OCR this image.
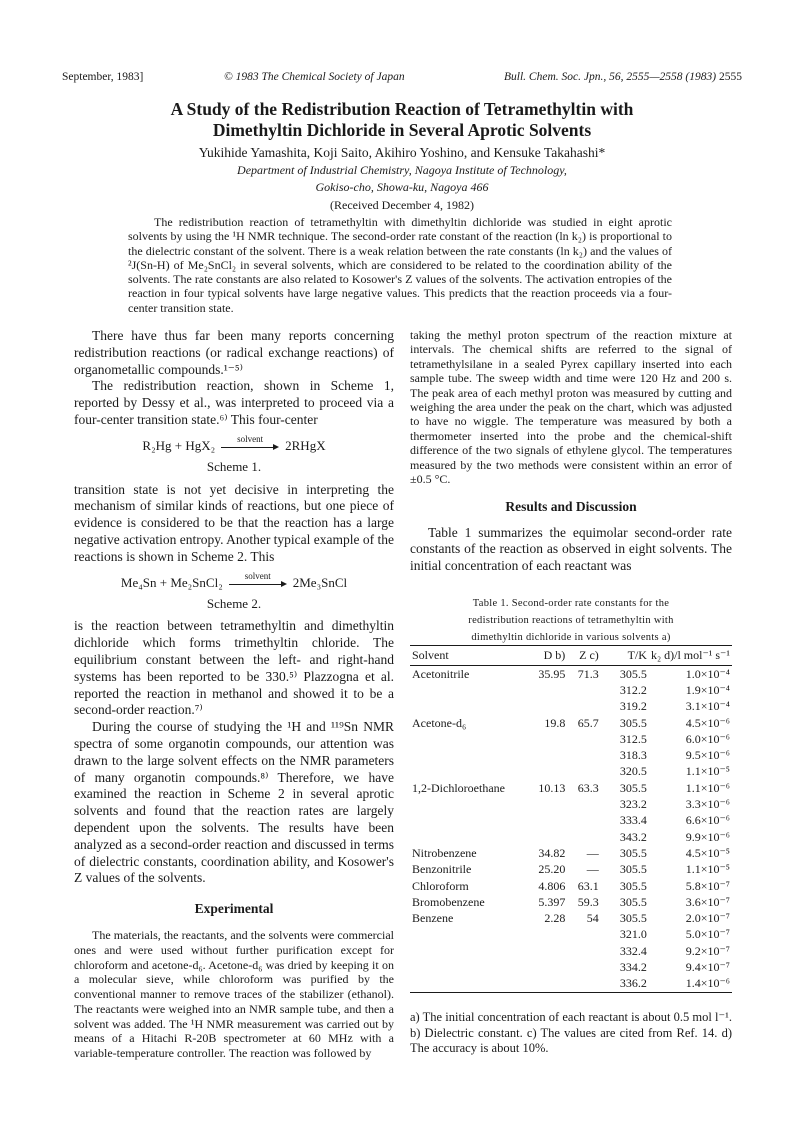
September, 1983]	© 1983 The Chemical Society of Japan	Bull. Chem. Soc. Jpn., 56, 2555—2558 (1983) 2555
A Study of the Redistribution Reaction of Tetramethyltin with
Dimethyltin Dichloride in Several Aprotic Solvents
Yukihide Yamashita, Koji Saito, Akihiro Yoshino, and Kensuke Takahashi*
Department of Industrial Chemistry, Nagoya Institute of Technology,
Gokiso-cho, Showa-ku, Nagoya 466
(Received December 4, 1982)

The redistribution reaction of tetramethyltin with dimethyltin dichloride was studied in eight aprotic solvents by using the ¹H NMR technique. The second-order rate constant of the reaction (ln k₂) is proportional to the dielectric constant of the solvent. There is a weak relation between the rate constants (ln k₂) and the values of ²J(Sn-H) of Me₂SnCl₂ in several solvents, which are considered to be related to the coordination ability of the solvents. The rate constants are also related to Kosower's Z values of the solvents. The activation entropies of the reaction in four typical solvents have large negative values. This predicts that the reaction proceeds via a four-center transition state.

There have thus far been many reports concerning redistribution reactions (or radical exchange reactions) of organometallic compounds.¹⁻⁵⁾

The redistribution reaction, shown in Scheme 1, reported by Dessy et al., was interpreted to proceed via a four-center transition state.⁶⁾ This four-center

R₂Hg + HgX₂ solvent 2RHgX
Scheme 1.

transition state is not yet decisive in interpreting the mechanism of similar kinds of reactions, but one piece of evidence is considered to be that the reaction has a large negative activation entropy. Another typical example of the reactions is shown in Scheme 2. This

Me₄Sn + Me₂SnCl₂ solvent 2Me₃SnCl
Scheme 2.

is the reaction between tetramethyltin and dimethyltin dichloride which forms trimethyltin chloride. The equilibrium constant between the left- and right-hand systems has been reported to be 330.⁵⁾ Plazzogna et al. reported the reaction in methanol and showed it to be a second-order reaction.⁷⁾

During the course of studying the ¹H and ¹¹⁹Sn NMR spectra of some organotin compounds, our attention was drawn to the large solvent effects on the NMR parameters of many organotin compounds.⁸⁾ Therefore, we have examined the reaction in Scheme 2 in several aprotic solvents and found that the reaction rates are largely dependent upon the solvents. The results have been analyzed as a second-order reaction and discussed in terms of dielectric constants, coordination ability, and Kosower's Z values of the solvents.

Experimental

The materials, the reactants, and the solvents were commercial ones and were used without further purification except for chloroform and acetone-d₆. Acetone-d₆ was dried by keeping it on a molecular sieve, while chloroform was purified by the conventional manner to remove traces of the stabilizer (ethanol). The reactants were weighed into an NMR sample tube, and then a solvent was added. The ¹H NMR measurement was carried out by means of a Hitachi R-20B spectrometer at 60 MHz with a variable-temperature controller. The reaction was followed by

taking the methyl proton spectrum of the reaction mixture at intervals. The chemical shifts are referred to the signal of tetramethylsilane in a sealed Pyrex capillary inserted into each sample tube. The sweep width and time were 120 Hz and 200 s. The peak area of each methyl proton was measured by cutting and weighing the area under the peak on the chart, which was adjusted to have no wiggle. The temperature was measured by both a thermometer inserted into the probe and the chemical-shift difference of the two signals of ethylene glycol. The temperatures measured by the two methods were consistent within an error of ±0.5 °C.

Results and Discussion

Table 1 summarizes the equimolar second-order rate constants of the reaction as observed in eight solvents. The initial concentration of each reactant was

Table 1. Second-order rate constants for the
redistribution reactions of tetramethyltin with
dimethyltin dichloride in various solvents a)
Solvent	D b)	Z c)	T/K	k₂ d)/l mol⁻¹ s⁻¹
Acetonitrile	35.95	71.3	305.5	1.0×10⁻⁴
			312.2	1.9×10⁻⁴
			319.2	3.1×10⁻⁴
Acetone-d₆	19.8	65.7	305.5	4.5×10⁻⁶
			312.5	6.0×10⁻⁶
			318.3	9.5×10⁻⁶
			320.5	1.1×10⁻⁵
1,2-Dichloroethane	10.13	63.3	305.5	1.1×10⁻⁶
			323.2	3.3×10⁻⁶
			333.4	6.6×10⁻⁶
			343.2	9.9×10⁻⁶
Nitrobenzene	34.82	—	305.5	4.5×10⁻⁵
Benzonitrile	25.20	—	305.5	1.1×10⁻⁵
Chloroform	4.806	63.1	305.5	5.8×10⁻⁷
Bromobenzene	5.397	59.3	305.5	3.6×10⁻⁷
Benzene	2.28	54	305.5	2.0×10⁻⁷
			321.0	5.0×10⁻⁷
			332.4	9.2×10⁻⁷
			334.2	9.4×10⁻⁷
			336.2	1.4×10⁻⁶
a) The initial concentration of each reactant is about 0.5 mol l⁻¹. b) Dielectric constant. c) The values are cited from Ref. 14. d) The accuracy is about 10%.
